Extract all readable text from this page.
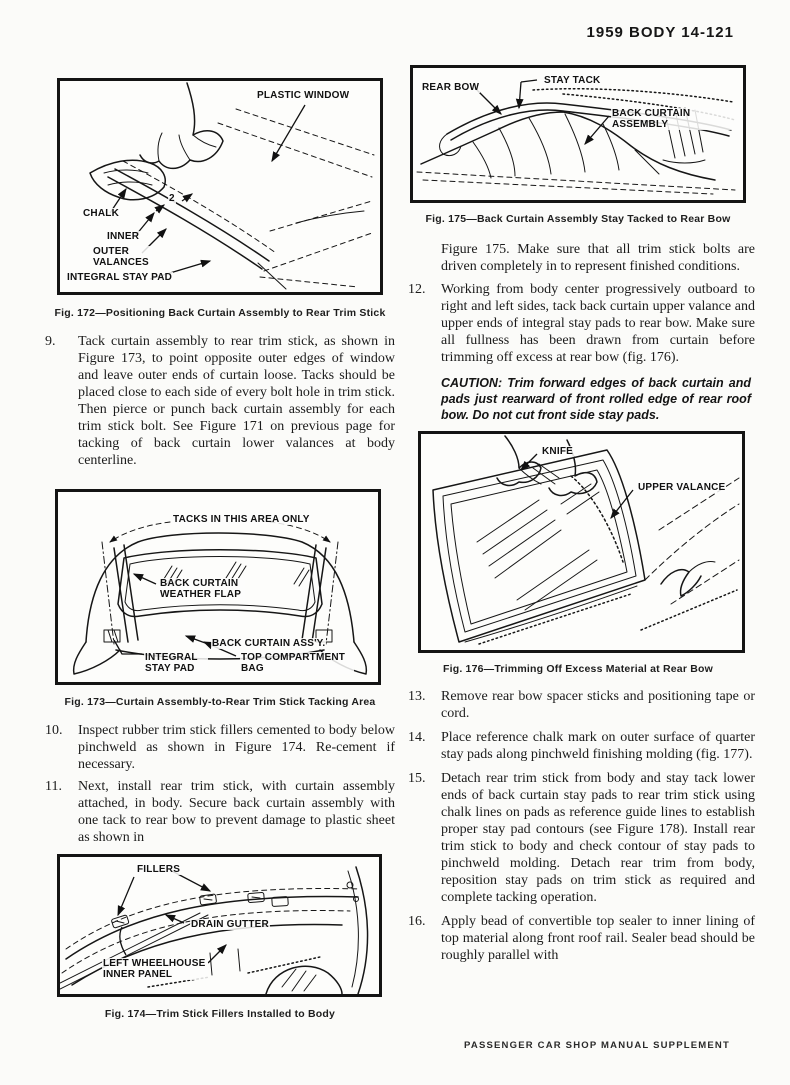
1959 BODY 14-121
PLASTIC WINDOW
CHALK
INNER
OUTER VALANCES
2
INTEGRAL STAY PAD
Fig. 172—Positioning Back Curtain Assembly to Rear Trim Stick
9.	Tack curtain assembly to rear trim stick, as shown in Figure 173, to point opposite outer edges of window and leave outer ends of curtain loose. Tacks should be placed close to each side of every bolt hole in trim stick. Then pierce or punch back curtain assembly for each trim stick bolt. See Figure 171 on previous page for tacking of back curtain lower valances at body centerline.
TACKS IN THIS AREA ONLY
BACK CURTAIN WEATHER FLAP
BACK CURTAIN ASS'Y.
INTEGRAL STAY PAD
TOP COMPARTMENT BAG
Fig. 173—Curtain Assembly-to-Rear Trim Stick Tacking Area
10.	Inspect rubber trim stick fillers cemented to body below pinchweld as shown in Figure 174. Re-cement if necessary.
11.	Next, install rear trim stick, with curtain assembly attached, in body. Secure back curtain assembly with one tack to rear bow to prevent damage to plastic sheet as shown in
FILLERS
DRAIN GUTTER
LEFT WHEELHOUSE INNER PANEL
Fig. 174—Trim Stick Fillers Installed to Body
REAR BOW
STAY TACK
BACK CURTAIN ASSEMBLY
Fig. 175—Back Curtain Assembly Stay Tacked to Rear Bow
Figure 175. Make sure that all trim stick bolts are driven completely in to represent finished conditions.
12.	Working from body center progressively outboard to right and left sides, tack back curtain upper valance and upper ends of integral stay pads to rear bow. Make sure all fullness has been drawn from curtain before trimming off excess at rear bow (fig. 176).
CAUTION: Trim forward edges of back curtain and pads just rearward of front rolled edge of rear roof bow. Do not cut front side stay pads.
KNIFE
UPPER VALANCE
Fig. 176—Trimming Off Excess Material at Rear Bow
13.	Remove rear bow spacer sticks and positioning tape or cord.
14.	Place reference chalk mark on outer surface of quarter stay pads along pinchweld finishing molding (fig. 177).
15.	Detach rear trim stick from body and stay tack lower ends of back curtain stay pads to rear trim stick using chalk lines on pads as reference guide lines to establish proper stay pad contours (see Figure 178). Install rear trim stick to body and check contour of stay pads to pinchweld molding. Detach rear trim from body, reposition stay pads on trim stick as required and complete tacking operation.
16.	Apply bead of convertible top sealer to inner lining of top material along front roof rail. Sealer bead should be roughly parallel with
PASSENGER CAR SHOP MANUAL SUPPLEMENT
